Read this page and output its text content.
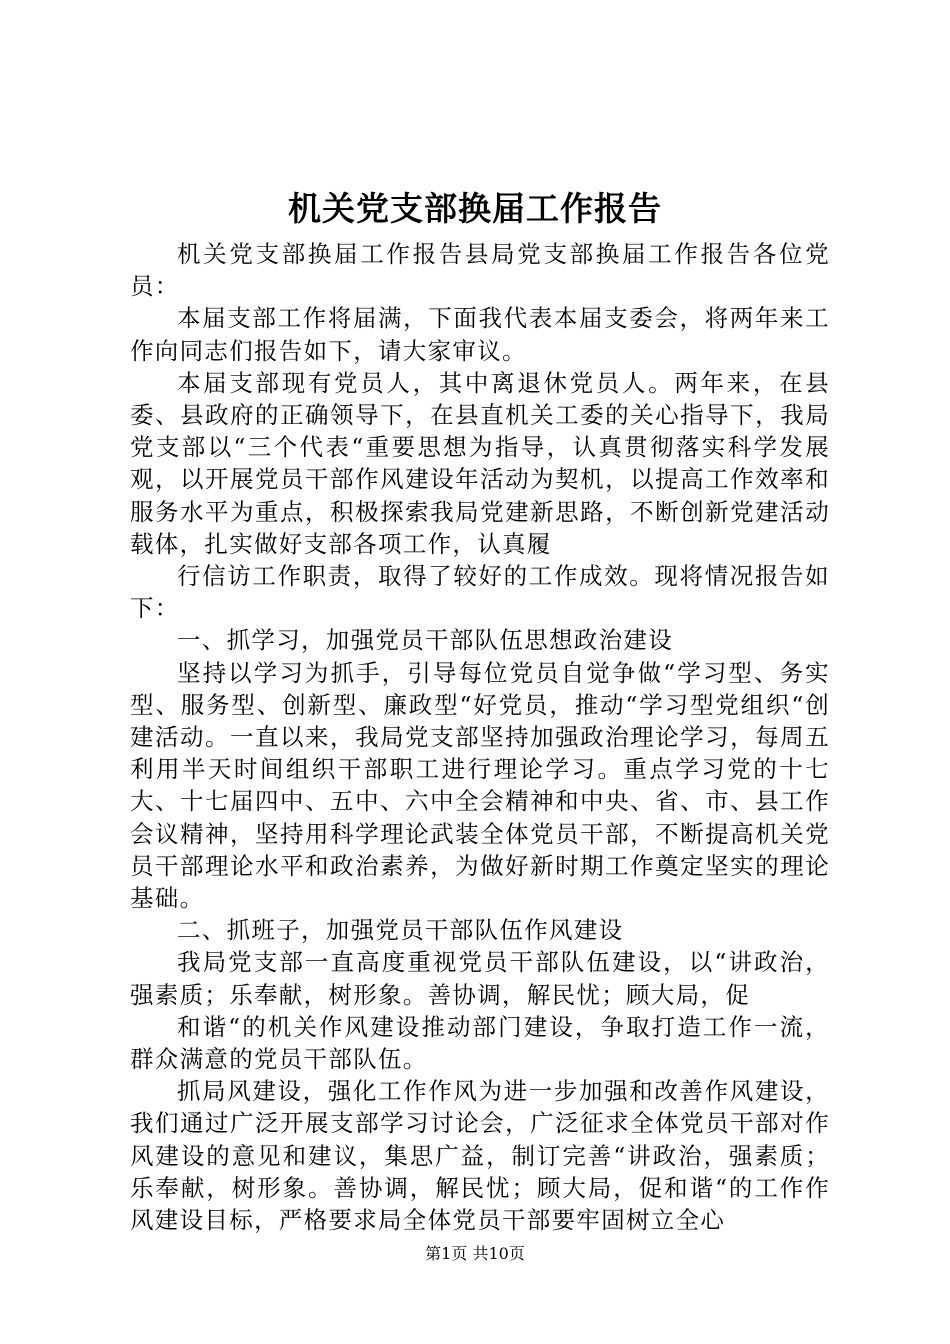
机关党支部换届工作报告

机关党支部换届工作报告县局党支部换届工作报告各位党员：

本届支部工作将届满，下面我代表本届支委会，将两年来工作向同志们报告如下，请大家审议。

本届支部现有党员人，其中离退休党员人。两年来，在县委、县政府的正确领导下，在县直机关工委的关心指导下，我局党支部以“三个代表“重要思想为指导，认真贯彻落实科学发展观，以开展党员干部作风建设年活动为契机，以提高工作效率和服务水平为重点，积极探索我局党建新思路，不断创新党建活动载体，扎实做好支部各项工作，认真履

行信访工作职责，取得了较好的工作成效。现将情况报告如下：

一、抓学习，加强党员干部队伍思想政治建设

坚持以学习为抓手，引导每位党员自觉争做“学习型、务实型、服务型、创新型、廉政型“好党员，推动“学习型党组织“创建活动。一直以来，我局党支部坚持加强政治理论学习，每周五利用半天时间组织干部职工进行理论学习。重点学习党的十七大、十七届四中、五中、六中全会精神和中央、省、市、县工作会议精神，坚持用科学理论武装全体党员干部，不断提高机关党员干部理论水平和政治素养，为做好新时期工作奠定坚实的理论基础。

二、抓班子，加强党员干部队伍作风建设

我局党支部一直高度重视党员干部队伍建设，以“讲政治，强素质；乐奉献，树形象。善协调，解民忧；顾大局，促

和谐“的机关作风建设推动部门建设，争取打造工作一流，群众满意的党员干部队伍。

抓局风建设，强化工作作风为进一步加强和改善作风建设，我们通过广泛开展支部学习讨论会，广泛征求全体党员干部对作风建设的意见和建议，集思广益，制订完善“讲政治，强素质；乐奉献，树形象。善协调，解民忧；顾大局，促和谐“的工作作风建设目标，严格要求局全体党员干部要牢固树立全心

第1页 共10页
